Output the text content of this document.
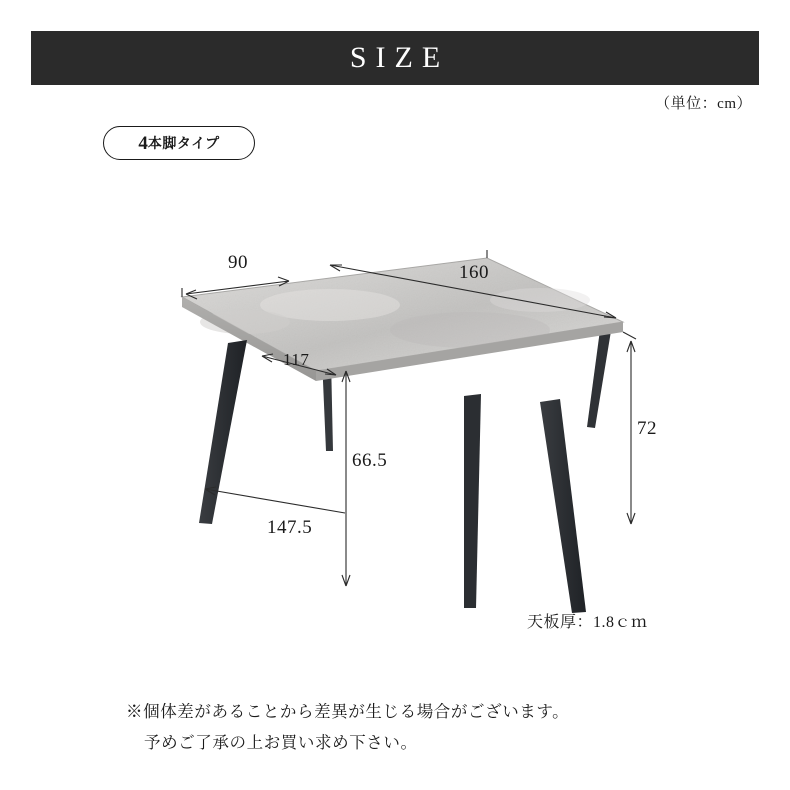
SIZE
（単位：cm）
4 本脚タイプ
90	160
72
117
66.5
147.5
天板厚：1.8ｃｍ
※個体差があることから差異が生じる場合がございます。
予めご了承の上お買い求め下さい。
